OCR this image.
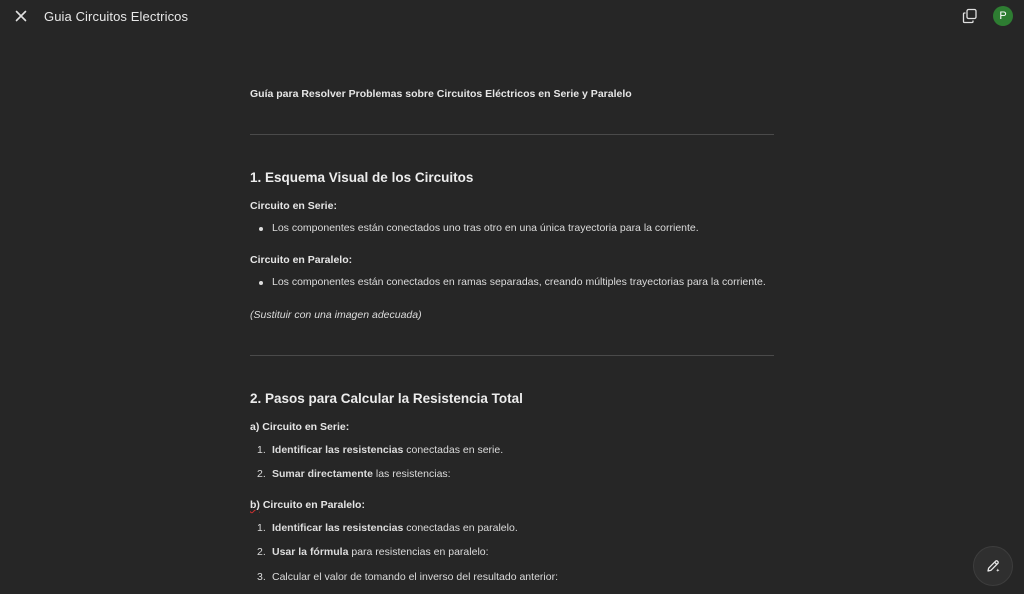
Guia Circuitos Electricos	P
Guía para Resolver Problemas sobre Circuitos Eléctricos en Serie y Paralelo
1. Esquema Visual de los Circuitos
Circuito en Serie:
Los componentes están conectados uno tras otro en una única trayectoria para la corriente.
Circuito en Paralelo:
Los componentes están conectados en ramas separadas, creando múltiples trayectorias para la corriente.
(Sustituir con una imagen adecuada)
2. Pasos para Calcular la Resistencia Total
a) Circuito en Serie:
1. Identificar las resistencias conectadas en serie.
2. Sumar directamente las resistencias:
b) Circuito en Paralelo:
1. Identificar las resistencias conectadas en paralelo.
2. Usar la fórmula para resistencias en paralelo:
3. Calcular el valor de tomando el inverso del resultado anterior:
